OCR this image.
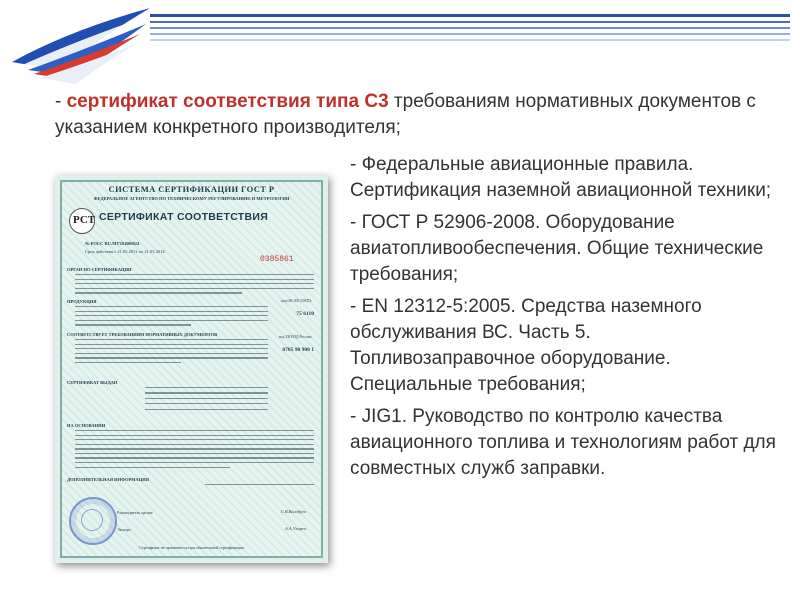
- сертификат соответствия типа С3 требованиям нормативных документов с указанием конкретного производителя;

- Федеральные авиационные правила. Сертификация наземной авиационной техники;

- ГОСТ Р 52906-2008. Оборудование авиатопливообеспечения. Общие технические требования;

- EN 12312-5:2005. Средства наземного обслуживания ВС. Часть 5. Топливозаправочное оборудование. Специальные требования;

- JIG1. Руководство по контролю качества авиационного топлива и технологиям работ для совместных служб заправки.

СИСТЕМА СЕРТИФИКАЦИИ ГОСТ Р
ФЕДЕРАЛЬНОЕ АГЕНТСТВО ПО ТЕХНИЧЕСКОМУ РЕГУЛИРОВАНИЮ И МЕТРОЛОГИИ
РСТ СЕРТИФИКАТ СООТВЕТСТВИЯ
№ РОСС RU.МТ38.В00824
Срок действия с 21.03.2011 по 21.03.2014
0385861
ОРГАН ПО СЕРТИФИКАЦИИ
ПРОДУКЦИЯ	код ОК 005 (ОКП):
75 6110
СООТВЕТСТВУЕТ ТРЕБОВАНИЯМ НОРМАТИВНЫХ ДОКУМЕНТОВ	код ТН ВЭД России:
8705 90 900 1
СЕРТИФИКАТ ВЫДАН
НА ОСНОВАНИИ
ДОПОЛНИТЕЛЬНАЯ ИНФОРМАЦИЯ
Руководитель органа	С.В.Волобуев
Эксперт	А.А.Ухарев
Сертификат не применяется при обязательной сертификации
